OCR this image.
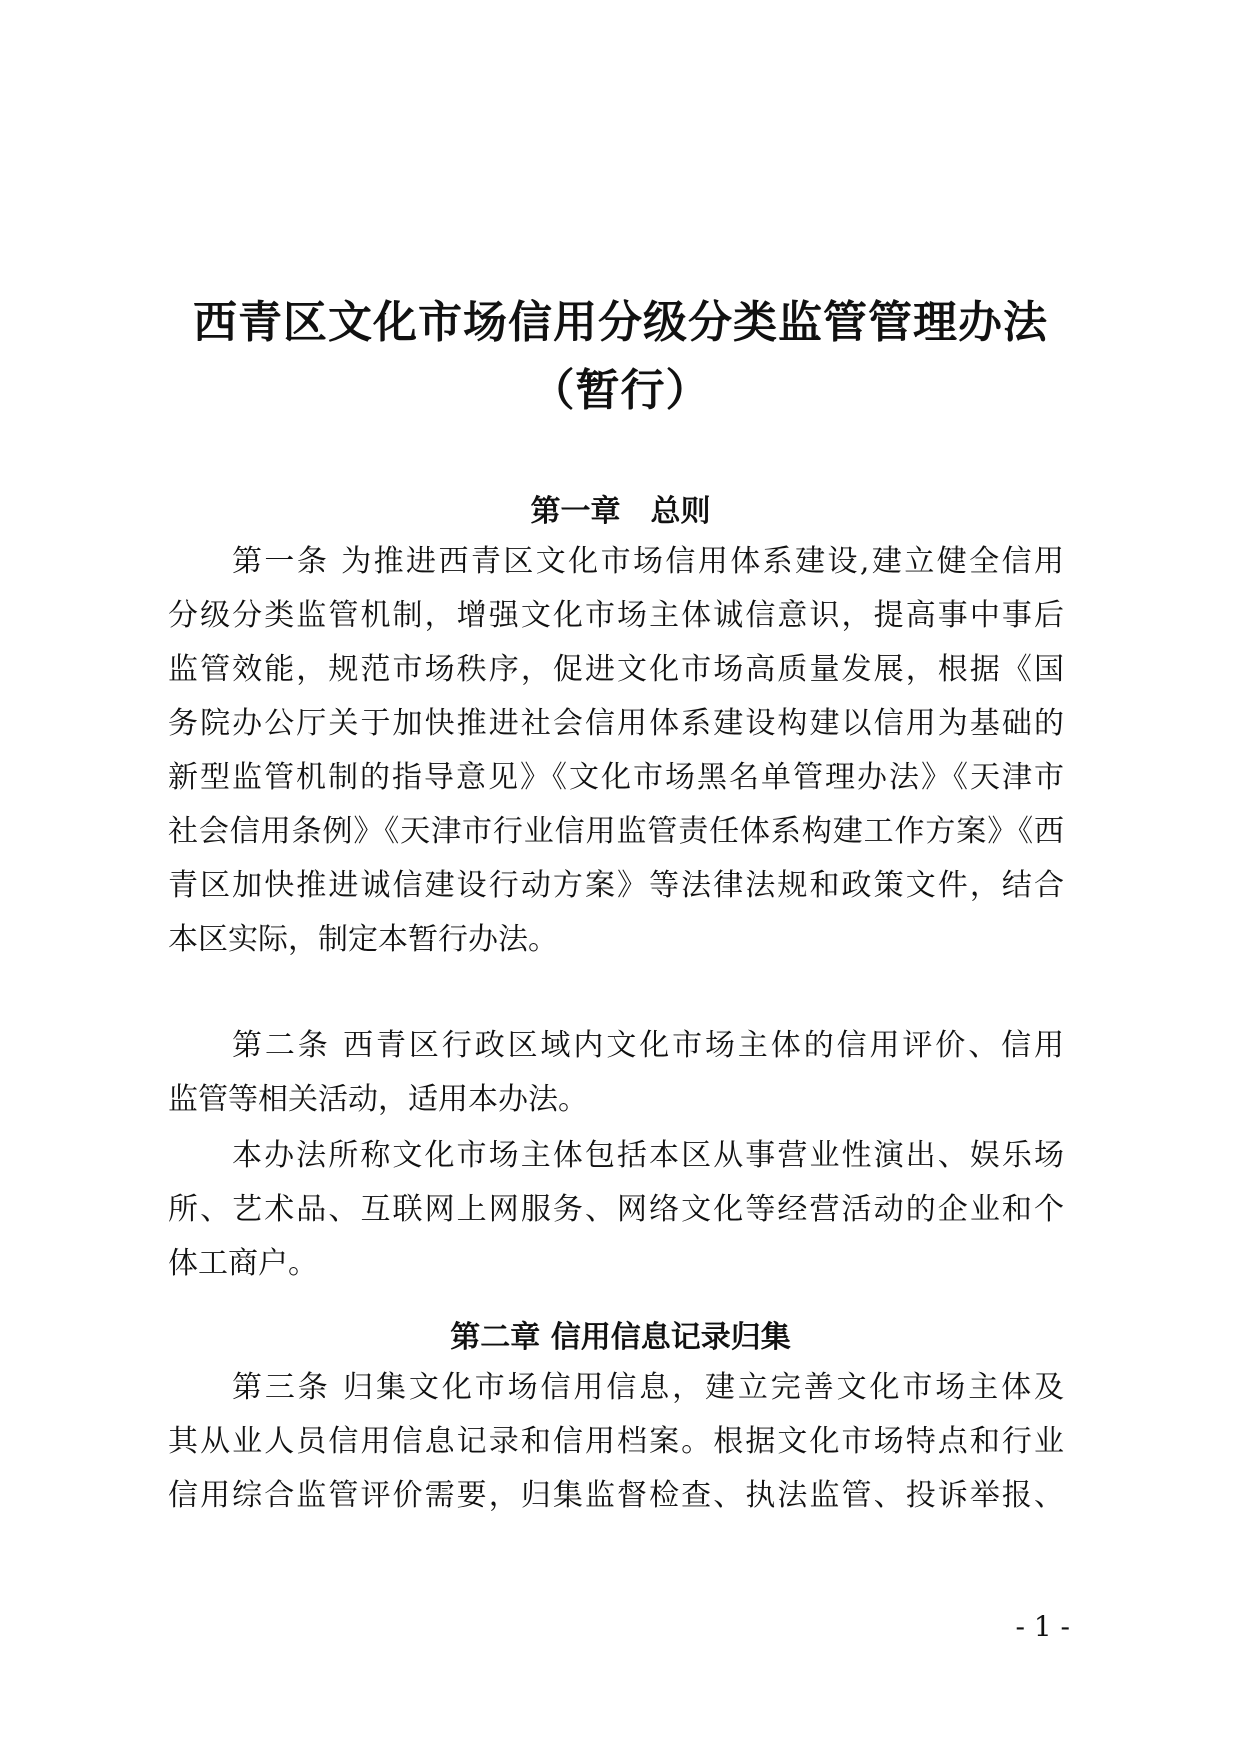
西青区文化市场信用分级分类监管管理办法
（暂行）
第一章　总则
第一条 为推进西青区文化市场信用体系建设,建立健全信用
分级分类监管机制，增强文化市场主体诚信意识，提高事中事后
监管效能，规范市场秩序，促进文化市场高质量发展，根据《国
务院办公厅关于加快推进社会信用体系建设构建以信用为基础的
新型监管机制的指导意见》《文化市场黑名单管理办法》《天津市
社会信用条例》《天津市行业信用监管责任体系构建工作方案》《西
青区加快推进诚信建设行动方案》等法律法规和政策文件，结合
本区实际，制定本暂行办法。
第二条 西青区行政区域内文化市场主体的信用评价、信用
监管等相关活动，适用本办法。
本办法所称文化市场主体包括本区从事营业性演出、娱乐场
所、艺术品、互联网上网服务、网络文化等经营活动的企业和个
体工商户。
第二章 信用信息记录归集
第三条 归集文化市场信用信息，建立完善文化市场主体及
其从业人员信用信息记录和信用档案。根据文化市场特点和行业
信用综合监管评价需要，归集监督检查、执法监管、投诉举报、
- 1 -
